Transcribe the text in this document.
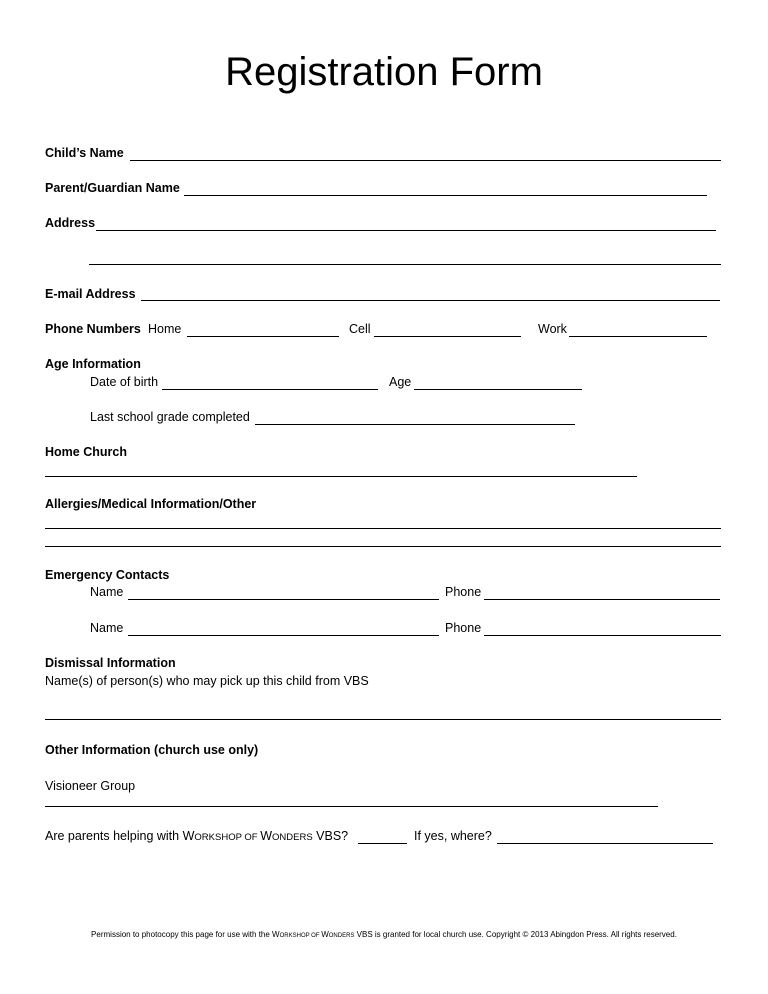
Registration Form
Child’s Name
Parent/Guardian Name
Address
E-mail Address
Phone Numbers Home	Cell	Work
Age Information
Date of birth	Age
Last school grade completed
Home Church
Allergies/Medical Information/Other
Emergency Contacts
Name	Phone
Name	Phone
Dismissal Information
Name(s) of person(s) who may pick up this child from VBS
Other Information (church use only)
Visioneer Group
Are parents helping with WORKSHOP OF WONDERS VBS?	If yes, where?
Permission to photocopy this page for use with the WORKSHOP OF WONDERS VBS is granted for local church use. Copyright © 2013 Abingdon Press. All rights reserved.
